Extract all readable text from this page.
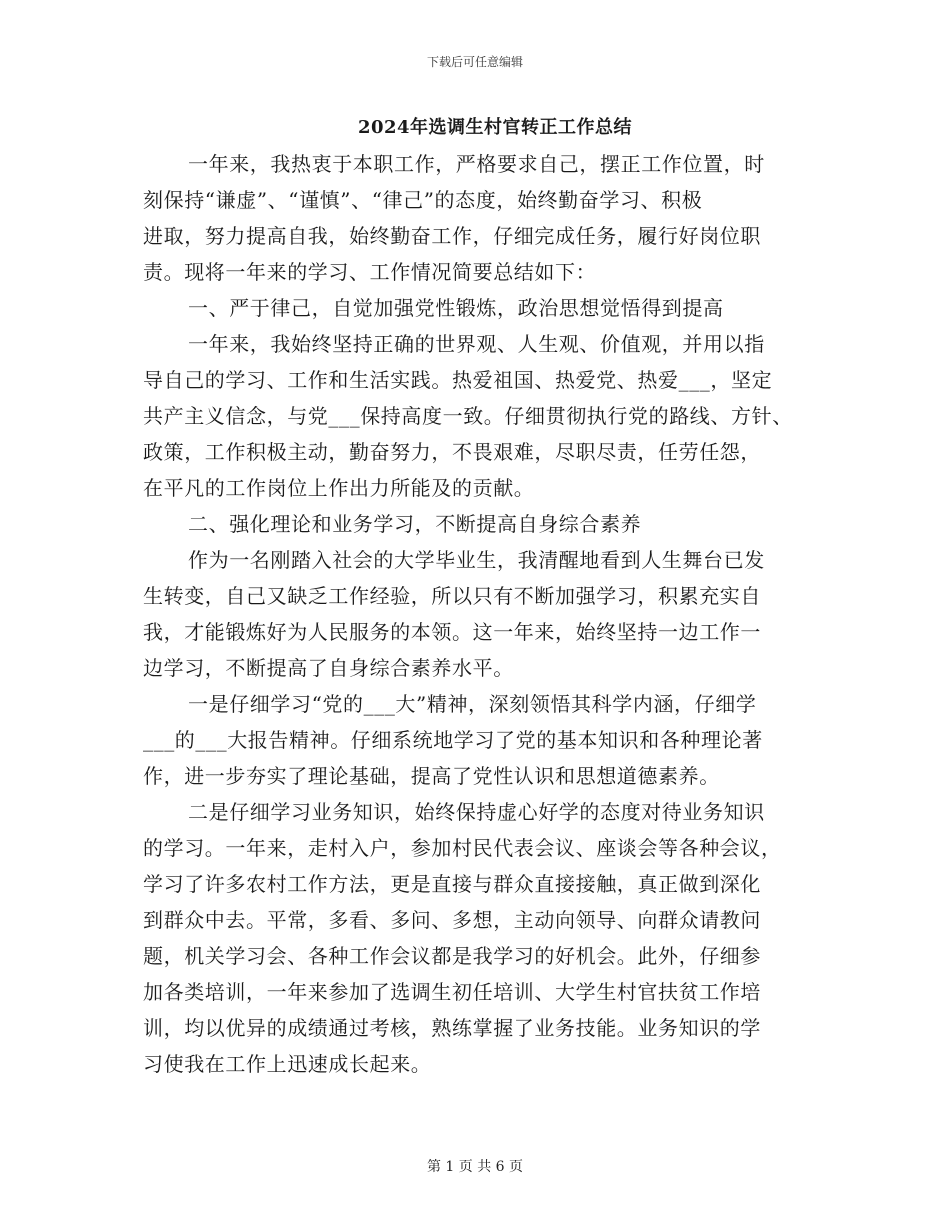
下载后可任意编辑
2024年选调生村官转正工作总结
一年来，我热衷于本职工作，严格要求自己，摆正工作位置，时
刻保持“谦虚”、“谨慎”、“律己”的态度，始终勤奋学习、积极
进取，努力提高自我，始终勤奋工作，仔细完成任务，履行好岗位职
责。现将一年来的学习、工作情况简要总结如下：
一、严于律己，自觉加强党性锻炼，政治思想觉悟得到提高
一年来，我始终坚持正确的世界观、人生观、价值观，并用以指
导自己的学习、工作和生活实践。热爱祖国、热爱党、热爱___，坚定
共产主义信念，与党___保持高度一致。仔细贯彻执行党的路线、方针、
政策，工作积极主动，勤奋努力，不畏艰难，尽职尽责，任劳任怨，
在平凡的工作岗位上作出力所能及的贡献。
二、强化理论和业务学习，不断提高自身综合素养
作为一名刚踏入社会的大学毕业生，我清醒地看到人生舞台已发
生转变，自己又缺乏工作经验，所以只有不断加强学习，积累充实自
我，才能锻炼好为人民服务的本领。这一年来，始终坚持一边工作一
边学习，不断提高了自身综合素养水平。
一是仔细学习“党的___大”精神，深刻领悟其科学内涵，仔细学
___的___大报告精神。仔细系统地学习了党的基本知识和各种理论著
作，进一步夯实了理论基础，提高了党性认识和思想道德素养。
二是仔细学习业务知识，始终保持虚心好学的态度对待业务知识
的学习。一年来，走村入户，参加村民代表会议、座谈会等各种会议，
学习了许多农村工作方法，更是直接与群众直接接触，真正做到深化
到群众中去。平常，多看、多问、多想，主动向领导、向群众请教问
题，机关学习会、各种工作会议都是我学习的好机会。此外，仔细参
加各类培训，一年来参加了选调生初任培训、大学生村官扶贫工作培
训，均以优异的成绩通过考核，熟练掌握了业务技能。业务知识的学
习使我在工作上迅速成长起来。
第 1 页 共 6 页
